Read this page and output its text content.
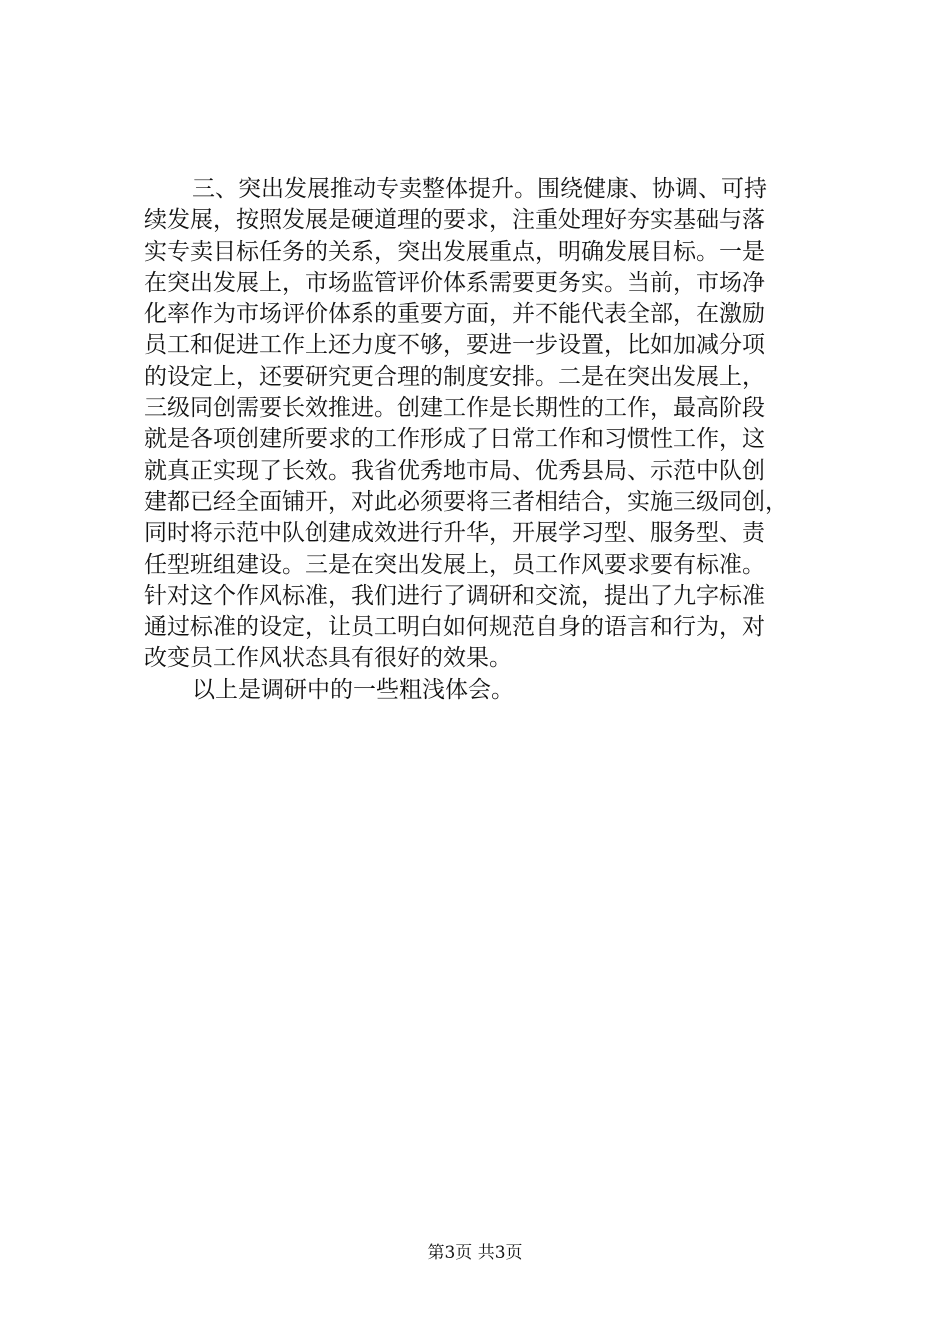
三、突出发展推动专卖整体提升。围绕健康、协调、可持
续发展，按照发展是硬道理的要求，注重处理好夯实基础与落
实专卖目标任务的关系，突出发展重点，明确发展目标。一是
在突出发展上，市场监管评价体系需要更务实。当前，市场净
化率作为市场评价体系的重要方面，并不能代表全部，在激励
员工和促进工作上还力度不够，要进一步设置，比如加减分项
的设定上，还要研究更合理的制度安排。二是在突出发展上，
三级同创需要长效推进。创建工作是长期性的工作，最高阶段
就是各项创建所要求的工作形成了日常工作和习惯性工作，这
就真正实现了长效。我省优秀地市局、优秀县局、示范中队创
建都已经全面铺开，对此必须要将三者相结合，实施三级同创，
同时将示范中队创建成效进行升华，开展学习型、服务型、责
任型班组建设。三是在突出发展上，员工作风要求要有标准。
针对这个作风标准，我们进行了调研和交流，提出了九字标准
通过标准的设定，让员工明白如何规范自身的语言和行为，对
改变员工作风状态具有很好的效果。
以上是调研中的一些粗浅体会。
第3页 共3页
